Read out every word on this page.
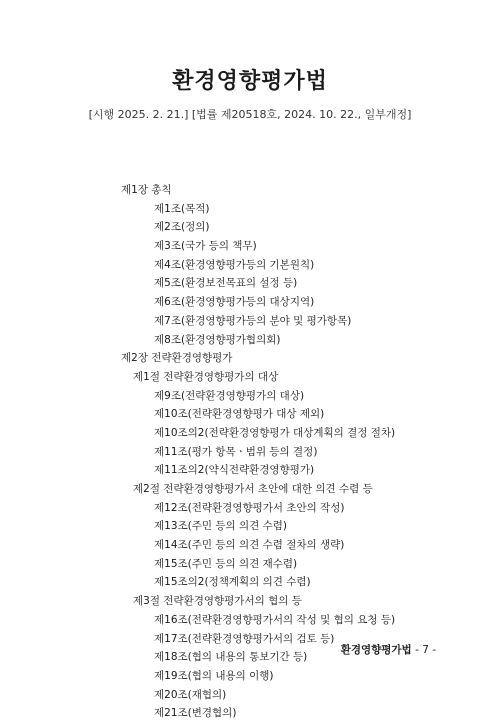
환경영향평가법
[시행 2025. 2. 21.] [법률 제20518호, 2024. 10. 22., 일부개정]
제1장 총칙
제1조(목적)
제2조(정의)
제3조(국가 등의 책무)
제4조(환경영향평가등의 기본원칙)
제5조(환경보전목표의 설정 등)
제6조(환경영향평가등의 대상지역)
제7조(환경영향평가등의 분야 및 평가항목)
제8조(환경영향평가협의회)
제2장 전략환경영향평가
제1절 전략환경영향평가의 대상
제9조(전략환경영향평가의 대상)
제10조(전략환경영향평가 대상 제외)
제10조의2(전략환경영향평가 대상계획의 결정 절차)
제11조(평가 항목ㆍ범위 등의 결정)
제11조의2(약식전략환경영향평가)
제2절 전략환경영향평가서 초안에 대한 의견 수렴 등
제12조(전략환경영향평가서 초안의 작성)
제13조(주민 등의 의견 수렴)
제14조(주민 등의 의견 수렴 절차의 생략)
제15조(주민 등의 의견 재수렴)
제15조의2(정책계획의 의견 수렴)
제3절 전략환경영향평가서의 협의 등
제16조(전략환경영향평가서의 작성 및 협의 요청 등)
제17조(전략환경영향평가서의 검토 등)
제18조(협의 내용의 통보기간 등)
제19조(협의 내용의 이행)
제20조(재협의)
제21조(변경협의)
환경영향평가법 - 7 -
